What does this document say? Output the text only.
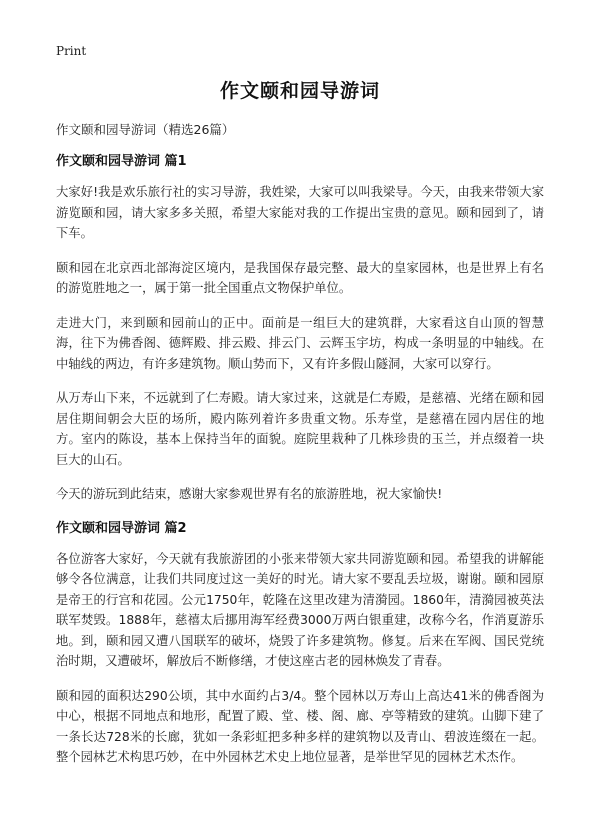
Print
作文颐和园导游词

作文颐和园导游词（精选26篇）

作文颐和园导游词 篇1

大家好!我是欢乐旅行社的实习导游，我姓梁，大家可以叫我梁导。今天，由我来带领大家游览颐和园，请大家多多关照，希望大家能对我的工作提出宝贵的意见。颐和园到了，请下车。

颐和园在北京西北部海淀区境内，是我国保存最完整、最大的皇家园林，也是世界上有名的游览胜地之一，属于第一批全国重点文物保护单位。

走进大门，来到颐和园前山的正中。面前是一组巨大的建筑群，大家看这自山顶的智慧海，往下为佛香阁、德辉殿、排云殿、排云门、云辉玉宇坊，构成一条明显的中轴线。在中轴线的两边，有许多建筑物。顺山势而下，又有许多假山隧洞，大家可以穿行。

从万寿山下来，不远就到了仁寿殿。请大家过来，这就是仁寿殿，是慈禧、光绪在颐和园居住期间朝会大臣的场所，殿内陈列着许多贵重文物。乐寿堂，是慈禧在园内居住的地方。室内的陈设，基本上保持当年的面貌。庭院里栽种了几株珍贵的玉兰，并点缀着一块巨大的山石。

今天的游玩到此结束，感谢大家参观世界有名的旅游胜地，祝大家愉快!

作文颐和园导游词 篇2

各位游客大家好，今天就有我旅游团的小张来带领大家共同游览颐和园。希望我的讲解能够令各位满意，让我们共同度过这一美好的时光。请大家不要乱丢垃圾，谢谢。颐和园原是帝王的行宫和花园。公元1750年，乾隆在这里改建为清漪园。1860年，清漪园被英法联军焚毁。1888年，慈禧太后挪用海军经费3000万两白银重建，改称今名，作消夏游乐地。到，颐和园又遭八国联军的破坏，烧毁了许多建筑物。修复。后来在军阀、国民党统治时期，又遭破坏，解放后不断修缮，才使这座古老的园林焕发了青春。

颐和园的面积达290公顷，其中水面约占3/4。整个园林以万寿山上高达41米的佛香阁为中心，根据不同地点和地形，配置了殿、堂、楼、阁、廊、亭等精致的建筑。山脚下建了一条长达728米的长廊，犹如一条彩虹把多种多样的建筑物以及青山、碧波连缀在一起。整个园林艺术构思巧妙，在中外园林艺术史上地位显著，是举世罕见的园林艺术杰作。
